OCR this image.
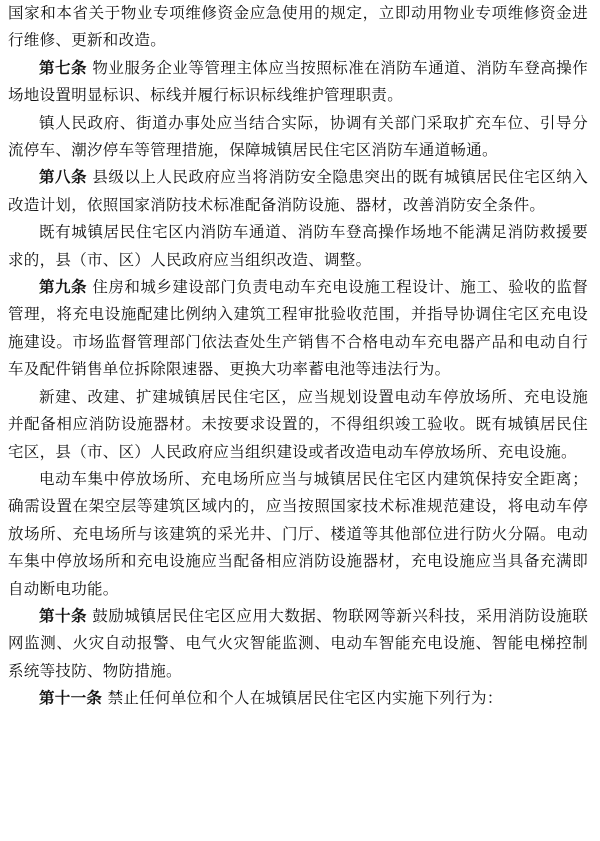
国家和本省关于物业专项维修资金应急使用的规定，立即动用物业专项维修资金进行维修、更新和改造。

第七条 物业服务企业等管理主体应当按照标准在消防车通道、消防车登高操作场地设置明显标识、标线并履行标识标线维护管理职责。

镇人民政府、街道办事处应当结合实际，协调有关部门采取扩充车位、引导分流停车、潮汐停车等管理措施，保障城镇居民住宅区消防车通道畅通。

第八条 县级以上人民政府应当将消防安全隐患突出的既有城镇居民住宅区纳入改造计划，依照国家消防技术标准配备消防设施、器材，改善消防安全条件。

既有城镇居民住宅区内消防车通道、消防车登高操作场地不能满足消防救援要求的，县（市、区）人民政府应当组织改造、调整。

第九条 住房和城乡建设部门负责电动车充电设施工程设计、施工、验收的监督管理，将充电设施配建比例纳入建筑工程审批验收范围，并指导协调住宅区充电设施建设。市场监督管理部门依法查处生产销售不合格电动车充电器产品和电动自行车及配件销售单位拆除限速器、更换大功率蓄电池等违法行为。

新建、改建、扩建城镇居民住宅区，应当规划设置电动车停放场所、充电设施并配备相应消防设施器材。未按要求设置的，不得组织竣工验收。既有城镇居民住宅区，县（市、区）人民政府应当组织建设或者改造电动车停放场所、充电设施。

电动车集中停放场所、充电场所应当与城镇居民住宅区内建筑保持安全距离；确需设置在架空层等建筑区域内的，应当按照国家技术标准规范建设，将电动车停放场所、充电场所与该建筑的采光井、门厅、楼道等其他部位进行防火分隔。电动车集中停放场所和充电设施应当配备相应消防设施器材，充电设施应当具备充满即自动断电功能。

第十条 鼓励城镇居民住宅区应用大数据、物联网等新兴科技，采用消防设施联网监测、火灾自动报警、电气火灾智能监测、电动车智能充电设施、智能电梯控制系统等技防、物防措施。

第十一条 禁止任何单位和个人在城镇居民住宅区内实施下列行为：
